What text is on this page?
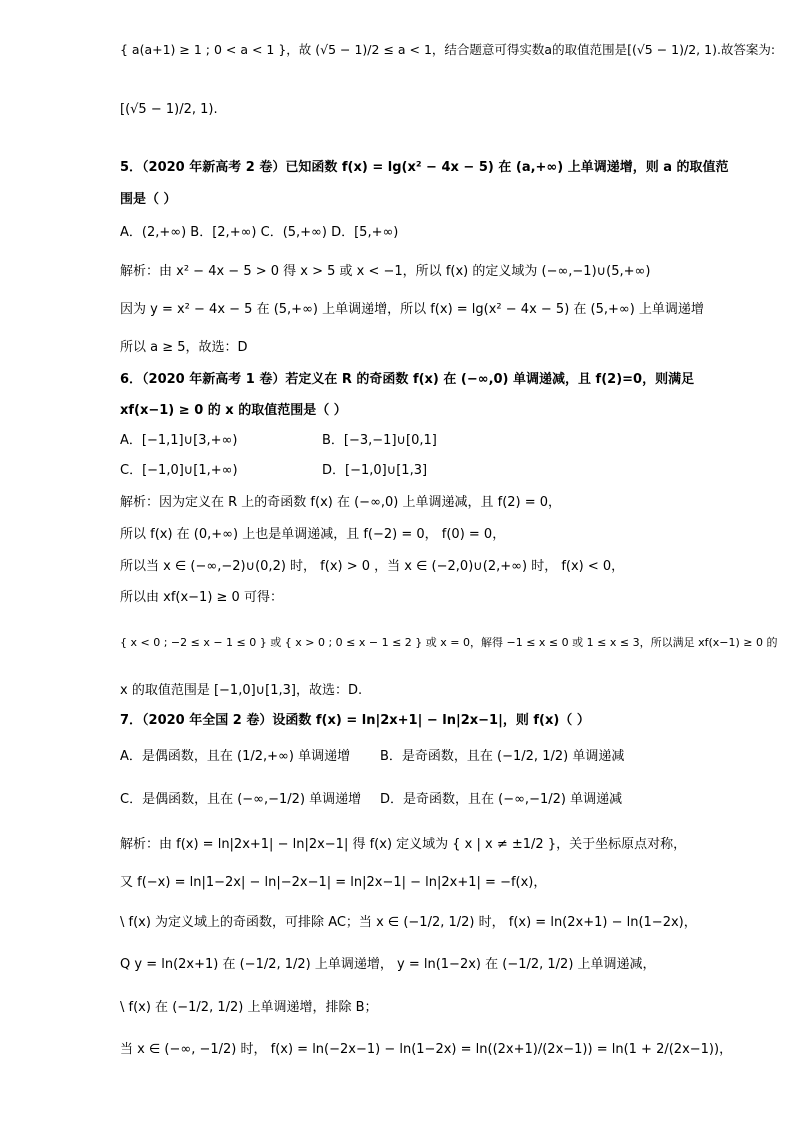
{ a(a+1) ≥ 1 ; 0 < a < 1 }，故 (√5 − 1)/2 ≤ a < 1，结合题意可得实数a的取值范围是[(√5 − 1)/2, 1).故答案为:
[(√5 − 1)/2, 1).
5．（2020 年新高考 2 卷）已知函数 f(x) = lg(x² − 4x − 5) 在 (a,+∞) 上单调递增，则 a 的取值范
围是（ ）
A．(2,+∞) B．[2,+∞) C．(5,+∞) D．[5,+∞)
解析：由 x² − 4x − 5 > 0 得 x > 5 或 x < −1，所以 f(x) 的定义域为 (−∞,−1)∪(5,+∞)
因为 y = x² − 4x − 5 在 (5,+∞) 上单调递增，所以 f(x) = lg(x² − 4x − 5) 在 (5,+∞) 上单调递增
所以 a ≥ 5，故选：D
6．（2020 年新高考 1 卷）若定义在 R 的奇函数 f(x) 在 (−∞,0) 单调递减，且 f(2)=0，则满足
xf(x−1) ≥ 0 的 x 的取值范围是（ ）
A．[−1,1]∪[3,+∞)	B．[−3,−1]∪[0,1]
C．[−1,0]∪[1,+∞)	D．[−1,0]∪[1,3]
解析：因为定义在 R 上的奇函数 f(x) 在 (−∞,0) 上单调递减，且 f(2) = 0，
所以 f(x) 在 (0,+∞) 上也是单调递减，且 f(−2) = 0， f(0) = 0，
所以当 x ∈ (−∞,−2)∪(0,2) 时， f(x) > 0 ，当 x ∈ (−2,0)∪(2,+∞) 时， f(x) < 0，
所以由 xf(x−1) ≥ 0 可得：
{ x < 0 ; −2 ≤ x − 1 ≤ 0 } 或 { x > 0 ; 0 ≤ x − 1 ≤ 2 } 或 x = 0，解得 −1 ≤ x ≤ 0 或 1 ≤ x ≤ 3，所以满足 xf(x−1) ≥ 0 的
x 的取值范围是 [−1,0]∪[1,3]，故选：D.
7．（2020 年全国 2 卷）设函数 f(x) = ln|2x+1| − ln|2x−1|，则 f(x)（ ）
A．是偶函数，且在 (1/2,+∞) 单调递增 B．是奇函数，且在 (−1/2, 1/2) 单调递减
C．是偶函数，且在 (−∞,−1/2) 单调递增 D．是奇函数，且在 (−∞,−1/2) 单调递减
解析：由 f(x) = ln|2x+1| − ln|2x−1| 得 f(x) 定义域为 { x | x ≠ ±1/2 }，关于坐标原点对称，
又 f(−x) = ln|1−2x| − ln|−2x−1| = ln|2x−1| − ln|2x+1| = −f(x)，
\ f(x) 为定义域上的奇函数，可排除 AC；当 x ∈ (−1/2, 1/2) 时， f(x) = ln(2x+1) − ln(1−2x)，
Q y = ln(2x+1) 在 (−1/2, 1/2) 上单调递增， y = ln(1−2x) 在 (−1/2, 1/2) 上单调递减，
\ f(x) 在 (−1/2, 1/2) 上单调递增，排除 B；
当 x ∈ (−∞, −1/2) 时， f(x) = ln(−2x−1) − ln(1−2x) = ln((2x+1)/(2x−1)) = ln(1 + 2/(2x−1))，
